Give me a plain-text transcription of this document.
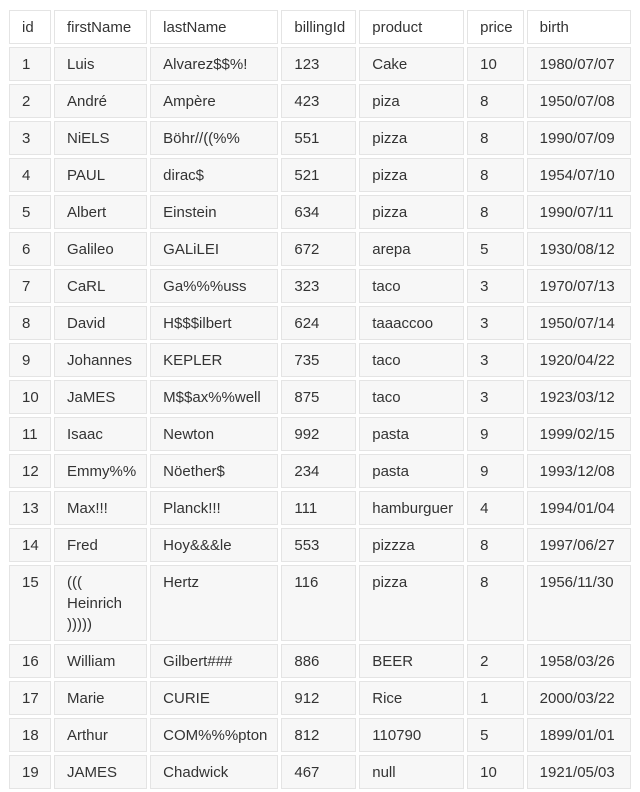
id	firstName	lastName	billingId	product	price	birth
1	Luis	Alvarez$$%!	123	Cake	10	1980/07/07
2	André	Ampère	423	piza	8	1950/07/08
3	NiELS	Böhr//((%%	551	pizza	8	1990/07/09
4	PAUL	dirac$	521	pizza	8	1954/07/10
5	Albert	Einstein	634	pizza	8	1990/07/11
6	Galileo	GALiLEI	672	arepa	5	1930/08/12
7	CaRL	Ga%%%uss	323	taco	3	1970/07/13
8	David	H$$$ilbert	624	taaaccoo	3	1950/07/14
9	Johannes	KEPLER	735	taco	3	1920/04/22
10	JaMES	M$$ax%%well	875	taco	3	1923/03/12
11	Isaac	Newton	992	pasta	9	1999/02/15
12	Emmy%%	Nöether$	234	pasta	9	1993/12/08
13	Max!!!	Planck!!!	111	hamburguer	4	1994/01/04
14	Fred	Hoy&&&le	553	pizzza	8	1997/06/27
15	((( Heinrich )))))	Hertz	116	pizza	8	1956/11/30
16	William	Gilbert###	886	BEER	2	1958/03/26
17	Marie	CURIE	912	Rice	1	2000/03/22
18	Arthur	COM%%%pton	812	110790	5	1899/01/01
19	JAMES	Chadwick	467	null	10	1921/05/03
